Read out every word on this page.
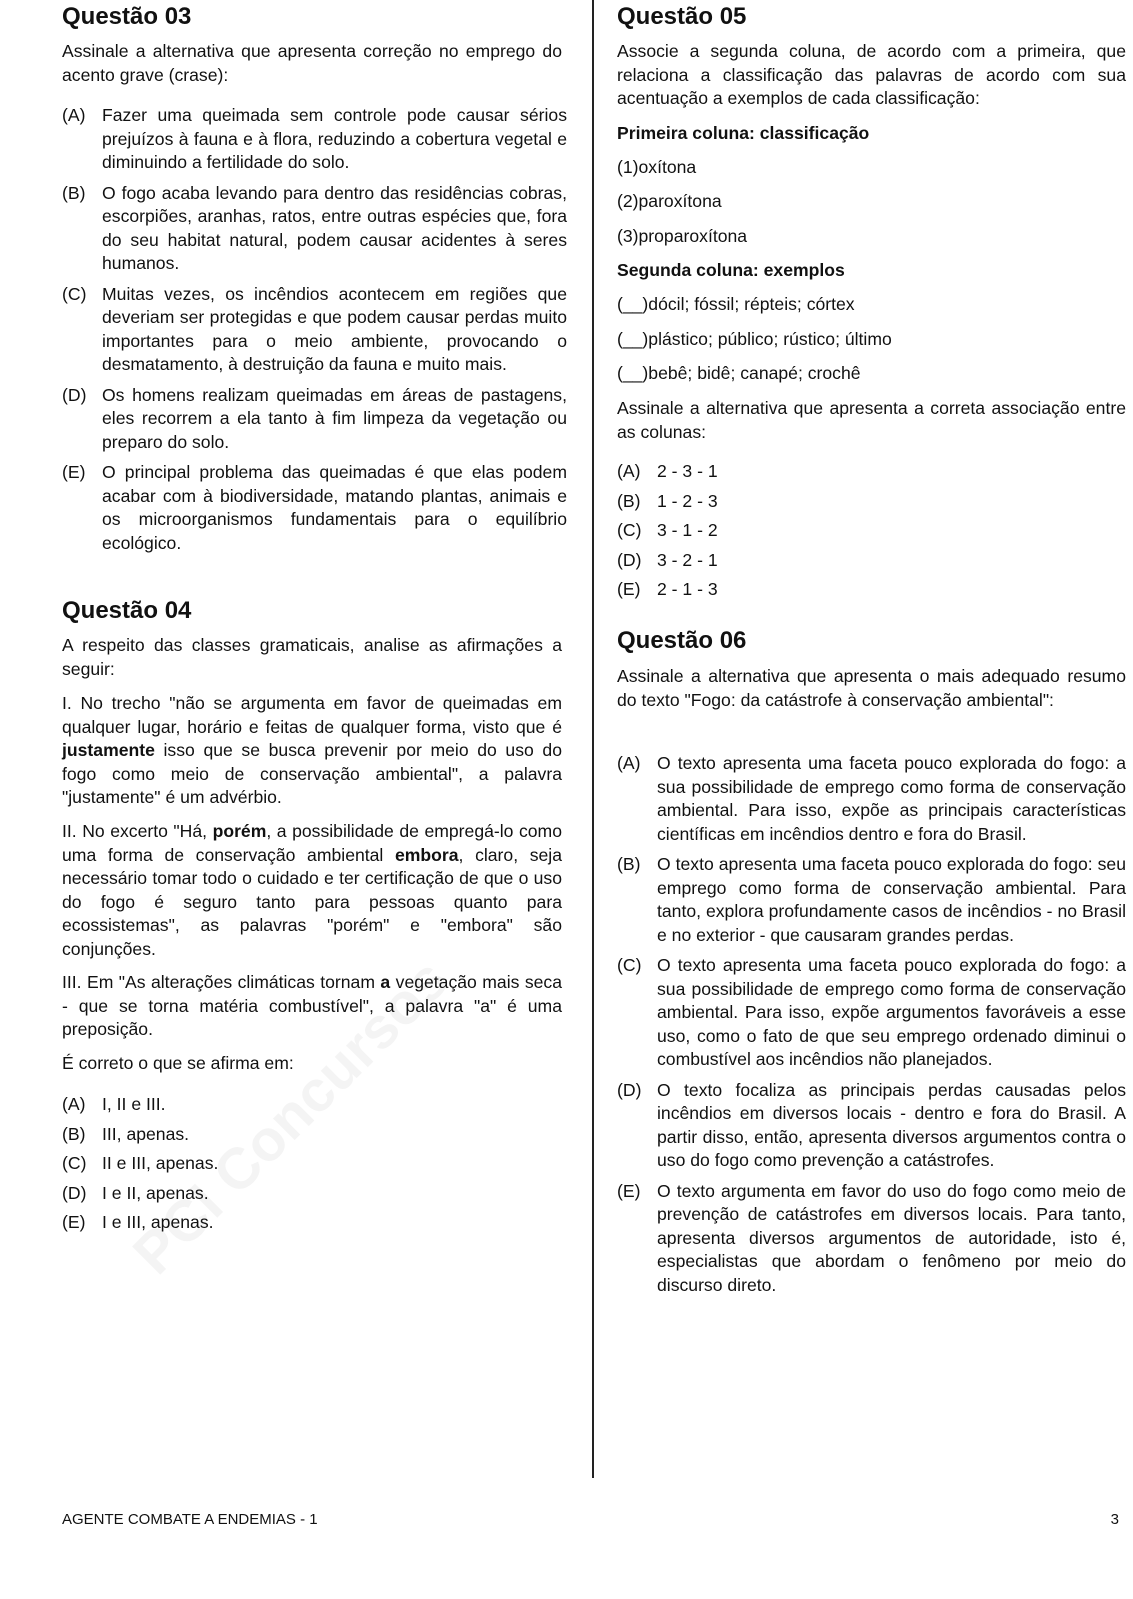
Questão 03

Assinale a alternativa que apresenta correção no emprego do acento grave (crase):

(A) Fazer uma queimada sem controle pode causar sérios prejuízos à fauna e à flora, reduzindo a cobertura vegetal e diminuindo a fertilidade do solo.
(B) O fogo acaba levando para dentro das residências cobras, escorpiões, aranhas, ratos, entre outras espécies que, fora do seu habitat natural, podem causar acidentes à seres humanos.
(C) Muitas vezes, os incêndios acontecem em regiões que deveriam ser protegidas e que podem causar perdas muito importantes para o meio ambiente, provocando o desmatamento, à destruição da fauna e muito mais.
(D) Os homens realizam queimadas em áreas de pastagens, eles recorrem a ela tanto à fim limpeza da vegetação ou preparo do solo.
(E) O principal problema das queimadas é que elas podem acabar com à biodiversidade, matando plantas, animais e os microorganismos fundamentais para o equilíbrio ecológico.
Questão 04

A respeito das classes gramaticais, analise as afirmações a seguir:

I. No trecho "não se argumenta em favor de queimadas em qualquer lugar, horário e feitas de qualquer forma, visto que é justamente isso que se busca prevenir por meio do uso do fogo como meio de conservação ambiental", a palavra "justamente" é um advérbio.

II. No excerto "Há, porém, a possibilidade de empregá-lo como uma forma de conservação ambiental embora, claro, seja necessário tomar todo o cuidado e ter certificação de que o uso do fogo é seguro tanto para pessoas quanto para ecossistemas", as palavras "porém" e "embora" são conjunções.

III. Em "As alterações climáticas tornam a vegetação mais seca - que se torna matéria combustível", a palavra "a" é uma preposição.

É correto o que se afirma em:

(A) I, II e III.
(B) III, apenas.
(C) II e III, apenas.
(D) I e II, apenas.
(E) I e III, apenas.
Questão 05

Associe a segunda coluna, de acordo com a primeira, que relaciona a classificação das palavras de acordo com sua acentuação a exemplos de cada classificação:

Primeira coluna: classificação
(1)oxítona
(2)paroxítona
(3)proparoxítona
Segunda coluna: exemplos
(__)dócil; fóssil; répteis; córtex
(__)plástico; público; rústico; último
(__)bebê; bidê; canapé; crochê

Assinale a alternativa que apresenta a correta associação entre as colunas:

(A) 2 - 3 - 1
(B) 1 - 2 - 3
(C) 3 - 1 - 2
(D) 3 - 2 - 1
(E) 2 - 1 - 3
Questão 06

Assinale a alternativa que apresenta o mais adequado resumo do texto "Fogo: da catástrofe à conservação ambiental":

(A) O texto apresenta uma faceta pouco explorada do fogo: a sua possibilidade de emprego como forma de conservação ambiental. Para isso, expõe as principais características científicas em incêndios dentro e fora do Brasil.
(B) O texto apresenta uma faceta pouco explorada do fogo: seu emprego como forma de conservação ambiental. Para tanto, explora profundamente casos de incêndios - no Brasil e no exterior - que causaram grandes perdas.
(C) O texto apresenta uma faceta pouco explorada do fogo: a sua possibilidade de emprego como forma de conservação ambiental. Para isso, expõe argumentos favoráveis a esse uso, como o fato de que seu emprego ordenado diminui o combustível aos incêndios não planejados.
(D) O texto focaliza as principais perdas causadas pelos incêndios em diversos locais - dentro e fora do Brasil. A partir disso, então, apresenta diversos argumentos contra o uso do fogo como prevenção a catástrofes.
(E) O texto argumenta em favor do uso do fogo como meio de prevenção de catástrofes em diversos locais. Para tanto, apresenta diversos argumentos de autoridade, isto é, especialistas que abordam o fenômeno por meio do discurso direto.
AGENTE COMBATE A ENDEMIAS - 1	3
